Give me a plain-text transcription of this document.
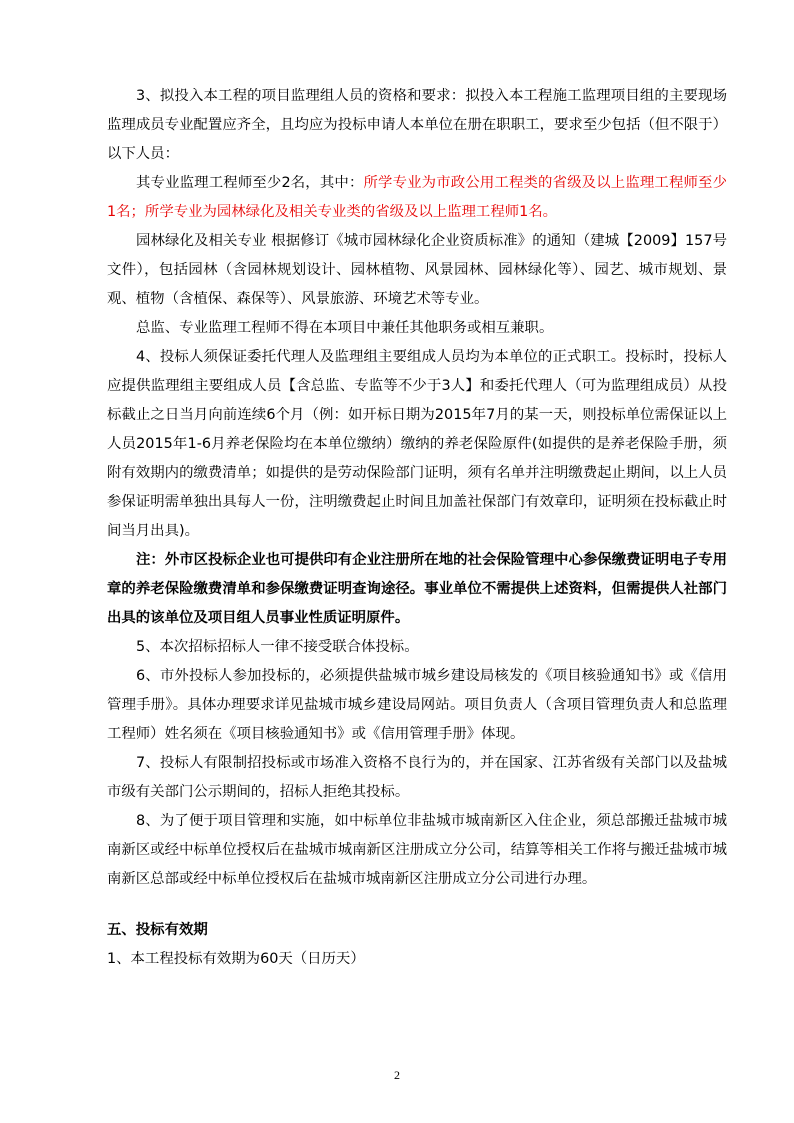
3、拟投入本工程的项目监理组人员的资格和要求：拟投入本工程施工监理项目组的主要现场监理成员专业配置应齐全，且均应为投标申请人本单位在册在职职工，要求至少包括（但不限于）以下人员：

其专业监理工程师至少2名，其中：所学专业为市政公用工程类的省级及以上监理工程师至少1名；所学专业为园林绿化及相关专业类的省级及以上监理工程师1名。

园林绿化及相关专业 根据修订《城市园林绿化企业资质标准》的通知（建城【2009】157号文件），包括园林（含园林规划设计、园林植物、风景园林、园林绿化等）、园艺、城市规划、景观、植物（含植保、森保等）、风景旅游、环境艺术等专业。

总监、专业监理工程师不得在本项目中兼任其他职务或相互兼职。

4、投标人须保证委托代理人及监理组主要组成人员均为本单位的正式职工。投标时，投标人应提供监理组主要组成人员【含总监、专监等不少于3人】和委托代理人（可为监理组成员）从投标截止之日当月向前连续6个月（例：如开标日期为2015年7月的某一天，则投标单位需保证以上人员2015年1-6月养老保险均在本单位缴纳）缴纳的养老保险原件(如提供的是养老保险手册，须附有效期内的缴费清单；如提供的是劳动保险部门证明，须有名单并注明缴费起止期间，以上人员参保证明需单独出具每人一份，注明缴费起止时间且加盖社保部门有效章印，证明须在投标截止时间当月出具)。

注：外市区投标企业也可提供印有企业注册所在地的社会保险管理中心参保缴费证明电子专用章的养老保险缴费清单和参保缴费证明查询途径。事业单位不需提供上述资料，但需提供人社部门出具的该单位及项目组人员事业性质证明原件。

5、本次招标招标人一律不接受联合体投标。

6、市外投标人参加投标的，必须提供盐城市城乡建设局核发的《项目核验通知书》或《信用管理手册》。具体办理要求详见盐城市城乡建设局网站。项目负责人（含项目管理负责人和总监理工程师）姓名须在《项目核验通知书》或《信用管理手册》体现。

7、投标人有限制招投标或市场准入资格不良行为的，并在国家、江苏省级有关部门以及盐城市级有关部门公示期间的，招标人拒绝其投标。

8、为了便于项目管理和实施，如中标单位非盐城市城南新区入住企业，须总部搬迁盐城市城南新区或经中标单位授权后在盐城市城南新区注册成立分公司，结算等相关工作将与搬迁盐城市城南新区总部或经中标单位授权后在盐城市城南新区注册成立分公司进行办理。

五、投标有效期

1、本工程投标有效期为60天（日历天）

2
